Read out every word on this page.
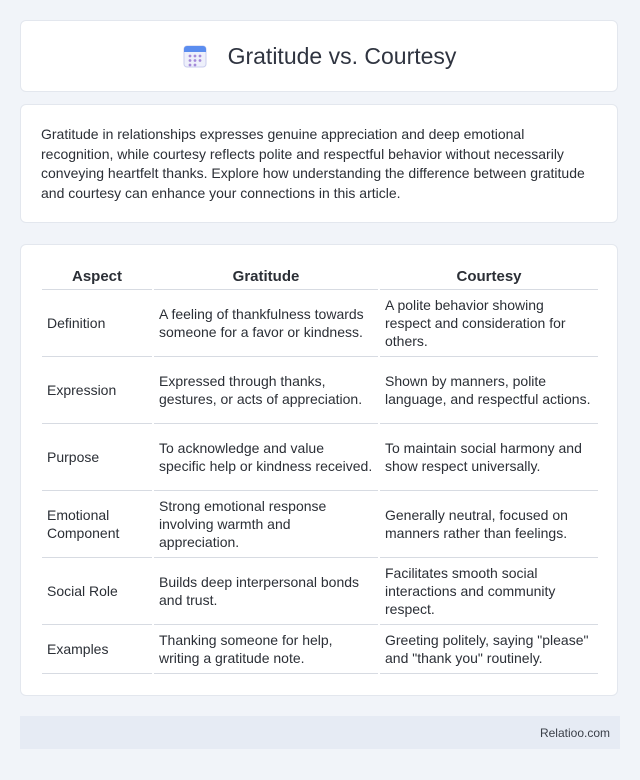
Gratitude vs. Courtesy

Gratitude in relationships expresses genuine appreciation and deep emotional recognition, while courtesy reflects polite and respectful behavior without necessarily conveying heartfelt thanks. Explore how understanding the difference between gratitude and courtesy can enhance your connections in this article.

Aspect	Gratitude	Courtesy
Definition	A feeling of thankfulness towards someone for a favor or kindness.	A polite behavior showing respect and consideration for others.
Expression	Expressed through thanks, gestures, or acts of appreciation.	Shown by manners, polite language, and respectful actions.
Purpose	To acknowledge and value specific help or kindness received.	To maintain social harmony and show respect universally.
Emotional Component	Strong emotional response involving warmth and appreciation.	Generally neutral, focused on manners rather than feelings.
Social Role	Builds deep interpersonal bonds and trust.	Facilitates smooth social interactions and community respect.
Examples	Thanking someone for help, writing a gratitude note.	Greeting politely, saying "please" and "thank you" routinely.
Relatioo.com
